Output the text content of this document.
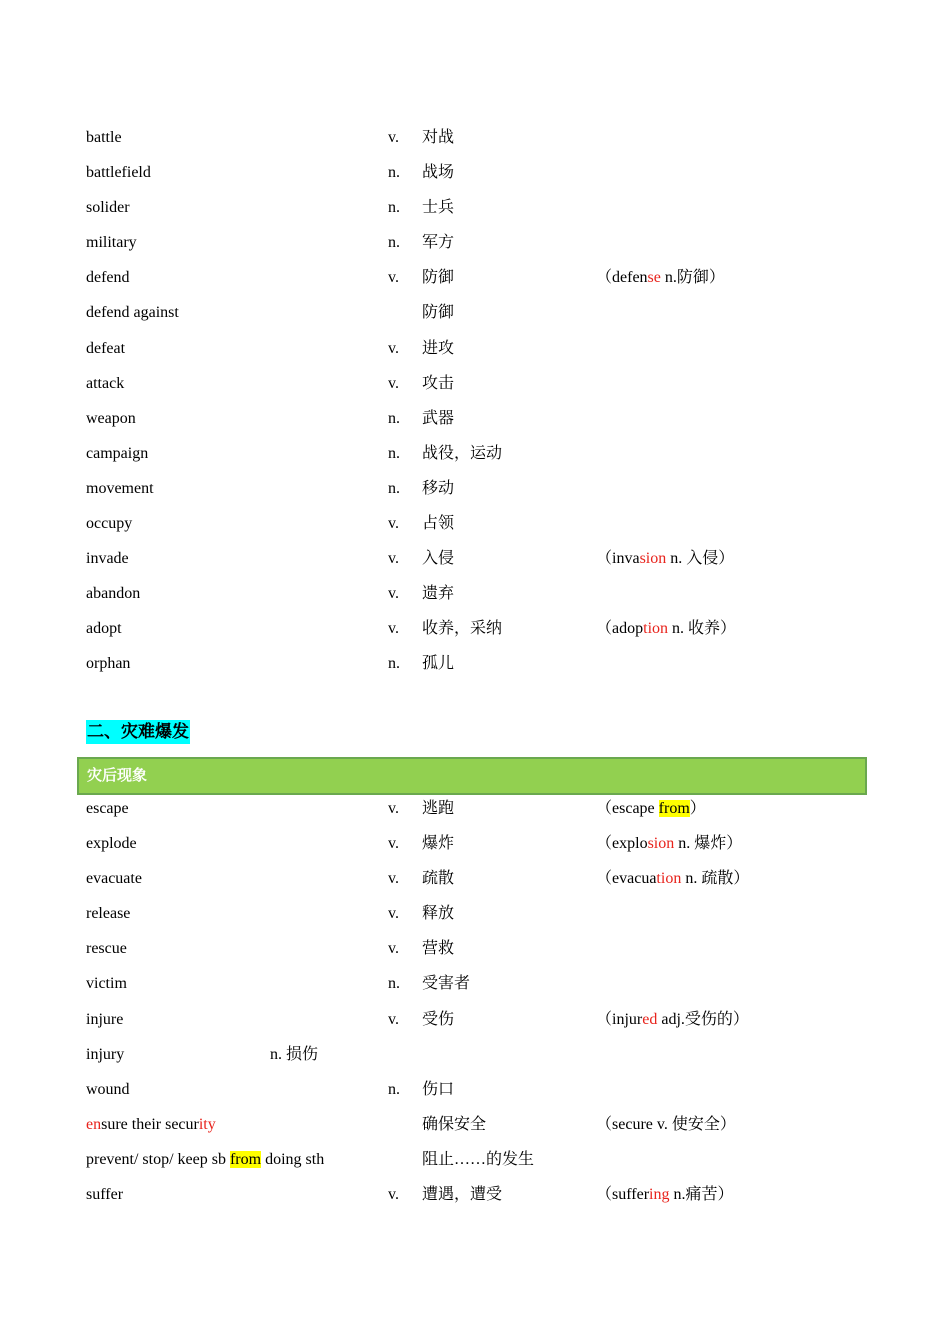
battle	v. 对战
battlefield	n. 战场
solider	n. 士兵
military	n. 军方
defend	v. 防御	（defense n.防御）
defend against	防御
defeat	v. 进攻
attack	v. 攻击
weapon	n. 武器
campaign	n. 战役，运动
movement	n. 移动
occupy	v. 占领
invade	v. 入侵	（invasion n. 入侵）
abandon	v. 遗弃
adopt	v. 收养，采纳	（adoption n. 收养）
orphan	n. 孤儿
二、灾难爆发
灾后现象
escape	v. 逃跑	（escape from）
explode	v. 爆炸	（explosion n. 爆炸）
evacuate	v. 疏散	（evacuation n. 疏散）
release	v. 释放
rescue	v. 营救
victim	n. 受害者
injure	v. 受伤	（injured adj.受伤的）
injury	n. 损伤
wound	n. 伤口
ensure their security	确保安全	（secure v. 使安全）
prevent/ stop/ keep sb from doing sth	阻止……的发生
suffer	v. 遭遇，遭受	（suffering n.痛苦）
